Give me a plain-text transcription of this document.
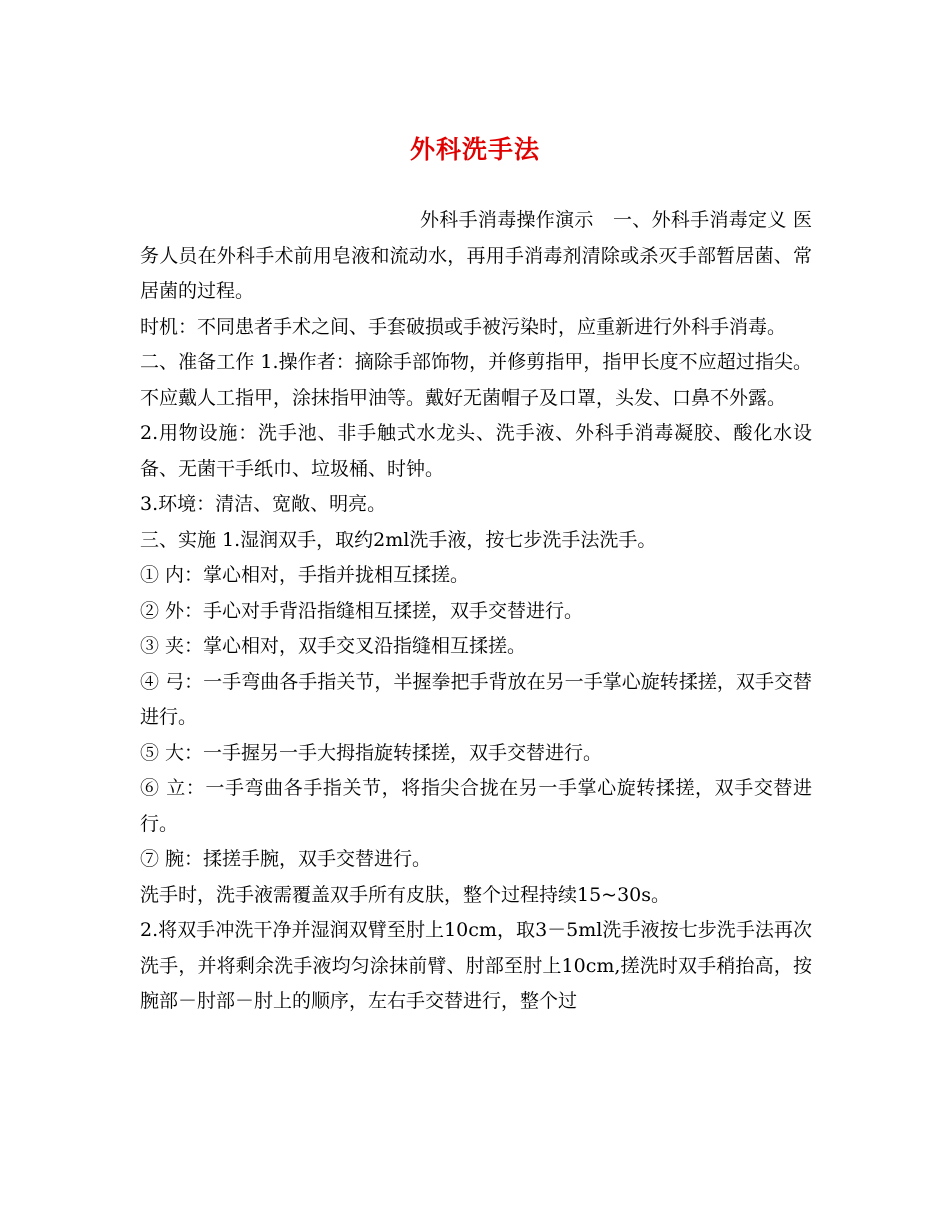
外科洗手法

外科手消毒操作演示　一、外科手消毒定义 医务人员在外科手术前用皂液和流动水，再用手消毒剂清除或杀灭手部暂居菌、常居菌的过程。

时机：不同患者手术之间、手套破损或手被污染时，应重新进行外科手消毒。

二、准备工作 1.操作者：摘除手部饰物，并修剪指甲，指甲长度不应超过指尖。不应戴人工指甲，涂抹指甲油等。戴好无菌帽子及口罩，头发、口鼻不外露。

2.用物设施：洗手池、非手触式水龙头、洗手液、外科手消毒凝胶、酸化水设备、无菌干手纸巾、垃圾桶、时钟。

3.环境：清洁、宽敞、明亮。

三、实施 1.湿润双手，取约2ml洗手液，按七步洗手法洗手。

① 内：掌心相对，手指并拢相互揉搓。

② 外：手心对手背沿指缝相互揉搓，双手交替进行。

③ 夹：掌心相对，双手交叉沿指缝相互揉搓。

④ 弓：一手弯曲各手指关节，半握拳把手背放在另一手掌心旋转揉搓，双手交替进行。

⑤ 大：一手握另一手大拇指旋转揉搓，双手交替进行。

⑥ 立：一手弯曲各手指关节，将指尖合拢在另一手掌心旋转揉搓，双手交替进行。

⑦ 腕：揉搓手腕，双手交替进行。

洗手时，洗手液需覆盖双手所有皮肤，整个过程持续15~30s。

2.将双手冲洗干净并湿润双臂至肘上10cm，取3－5ml洗手液按七步洗手法再次洗手，并将剩余洗手液均匀涂抹前臂、肘部至肘上10cm,搓洗时双手稍抬高，按腕部－肘部－肘上的顺序，左右手交替进行，整个过
